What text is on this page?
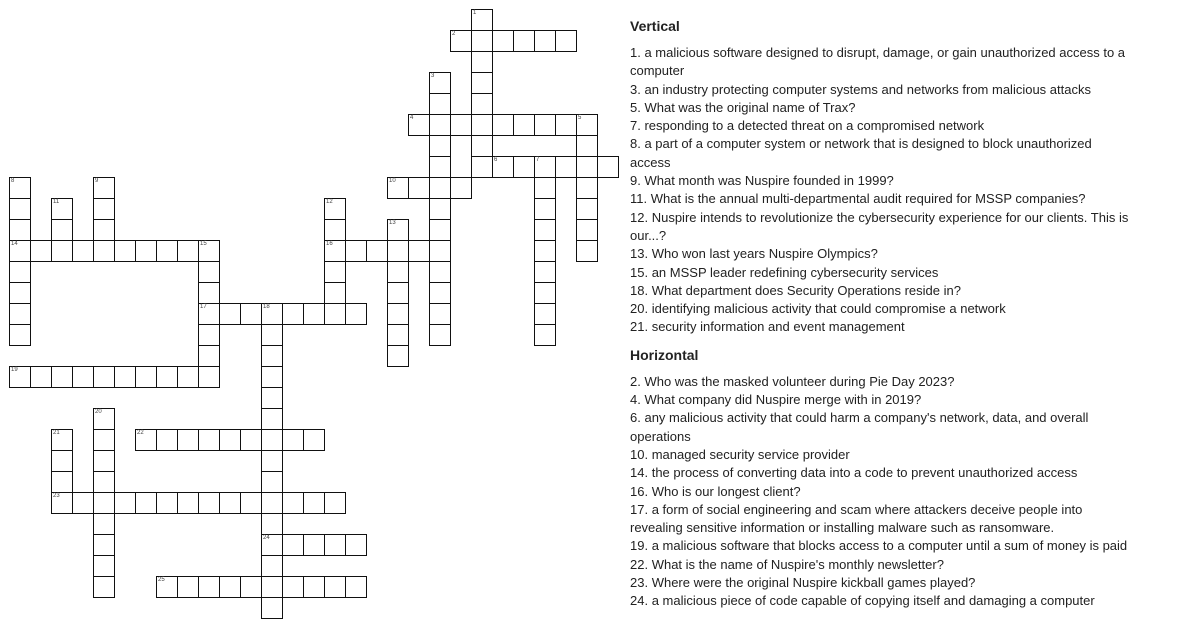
1
2
3
4	5
6	7
8
14
9	10
11	12
16
13
15
17	18
24
19
20
21
23
22
25
Vertical
1. a malicious software designed to disrupt, damage, or gain unauthorized access to a computer
3. an industry protecting computer systems and networks from malicious attacks
5. What was the original name of Trax?
7. responding to a detected threat on a compromised network
8. a part of a computer system or network that is designed to block unauthorized access
9. What month was Nuspire founded in 1999?
11. What is the annual multi-departmental audit required for MSSP companies?
12. Nuspire intends to revolutionize the cybersecurity experience for our clients. This is our...?
13. Who won last years Nuspire Olympics?
15. an MSSP leader redefining cybersecurity services
18. What department does Security Operations reside in?
20. identifying malicious activity that could compromise a network
21. security information and event management
Horizontal
2. Who was the masked volunteer during Pie Day 2023?
4. What company did Nuspire merge with in 2019?
6. any malicious activity that could harm a company's network, data, and overall operations
10. managed security service provider
14. the process of converting data into a code to prevent unauthorized access
16. Who is our longest client?
17. a form of social engineering and scam where attackers deceive people into revealing sensitive information or installing malware such as ransomware.
19. a malicious software that blocks access to a computer until a sum of money is paid
22. What is the name of Nuspire's monthly newsletter?
23. Where were the original Nuspire kickball games played?
24. a malicious piece of code capable of copying itself and damaging a computer
